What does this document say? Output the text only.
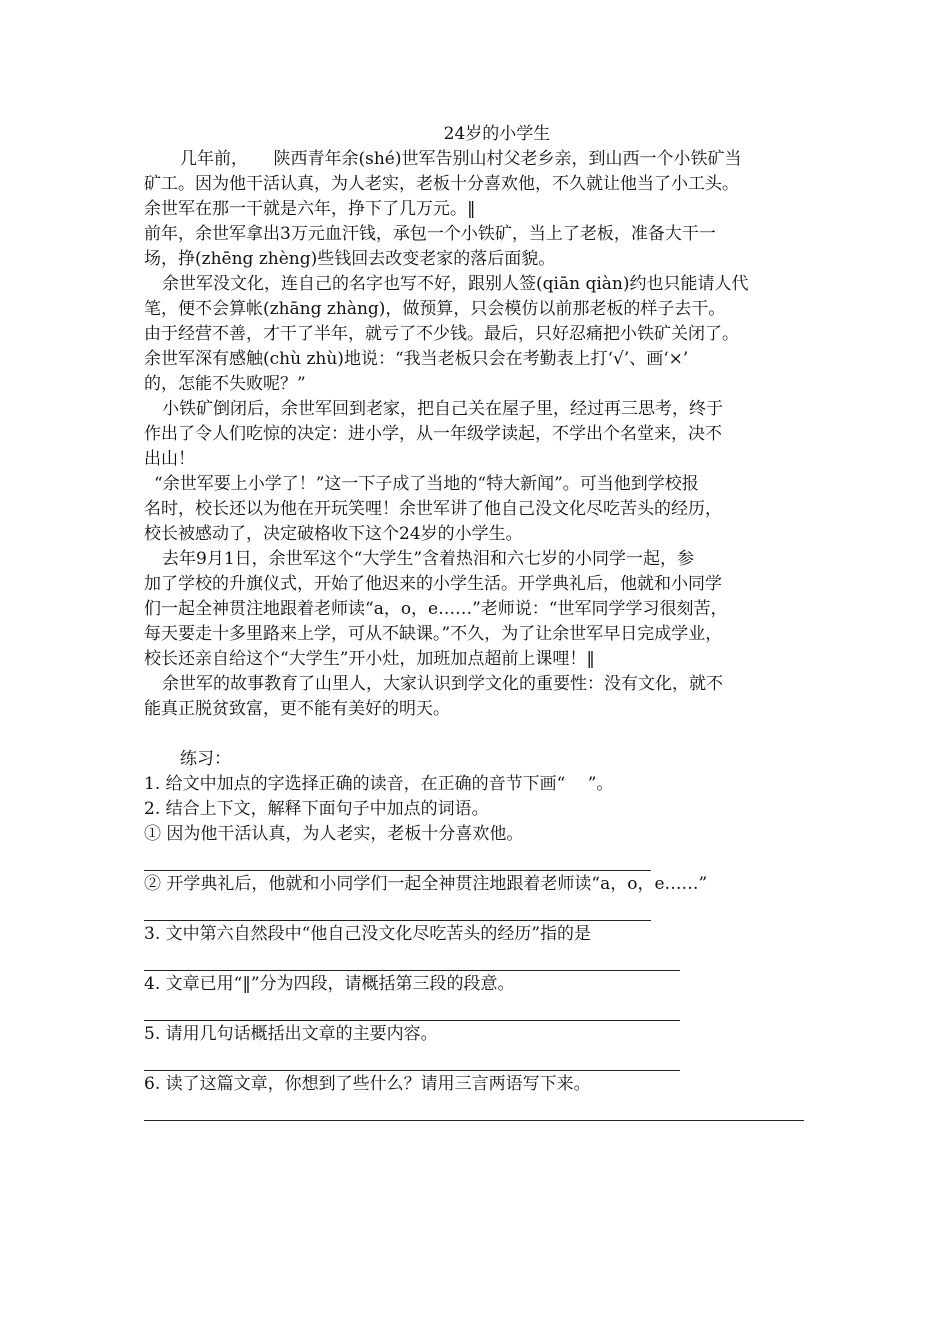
24岁的小学生
几年前，　　陕西青年余(shé)世军告别山村父老乡亲，到山西一个小铁矿当
矿工。因为他干活认真，为人老实，老板十分喜欢他，不久就让他当了小工头。
余世军在那一干就是六年，挣下了几万元。‖
前年，余世军拿出3万元血汗钱，承包一个小铁矿，当上了老板，准备大干一
场，挣(zhēng zhèng)些钱回去改变老家的落后面貌。
余世军没文化，连自己的名字也写不好，跟别人签(qiān qiàn)约也只能请人代
笔，便不会算帐(zhāng zhàng)，做预算，只会模仿以前那老板的样子去干。
由于经营不善，才干了半年，就亏了不少钱。最后，只好忍痛把小铁矿关闭了。
余世军深有感触(chù zhù)地说：“我当老板只会在考勤表上打‘√’、画‘×’
的，怎能不失败呢？”
小铁矿倒闭后，余世军回到老家，把自己关在屋子里，经过再三思考，终于
作出了令人们吃惊的决定：进小学，从一年级学读起，不学出个名堂来，决不
出山！
“余世军要上小学了！”这一下子成了当地的“特大新闻”。可当他到学校报
名时，校长还以为他在开玩笑哩！余世军讲了他自己没文化尽吃苦头的经历，
校长被感动了，决定破格收下这个24岁的小学生。
去年9月1日，余世军这个“大学生”含着热泪和六七岁的小同学一起，参
加了学校的升旗仪式，开始了他迟来的小学生活。开学典礼后，他就和小同学
们一起全神贯注地跟着老师读“a，o，e……”老师说：“世军同学学习很刻苦，
每天要走十多里路来上学，可从不缺课。”不久，为了让余世军早日完成学业，
校长还亲自给这个“大学生”开小灶，加班加点超前上课哩！‖
余世军的故事教育了山里人，大家认识到学文化的重要性：没有文化，就不
能真正脱贫致富，更不能有美好的明天。
练习：
1. 给文中加点的字选择正确的读音，在正确的音节下画“　 ”。
2. 结合上下文，解释下面句子中加点的词语。
① 因为他干活认真，为人老实，老板十分喜欢他。
② 开学典礼后，他就和小同学们一起全神贯注地跟着老师读“a，o，e……”
3. 文中第六自然段中“他自己没文化尽吃苦头的经历”指的是
4. 文章已用“‖”分为四段，请概括第三段的段意。
5. 请用几句话概括出文章的主要内容。
6. 读了这篇文章，你想到了些什么？请用三言两语写下来。
